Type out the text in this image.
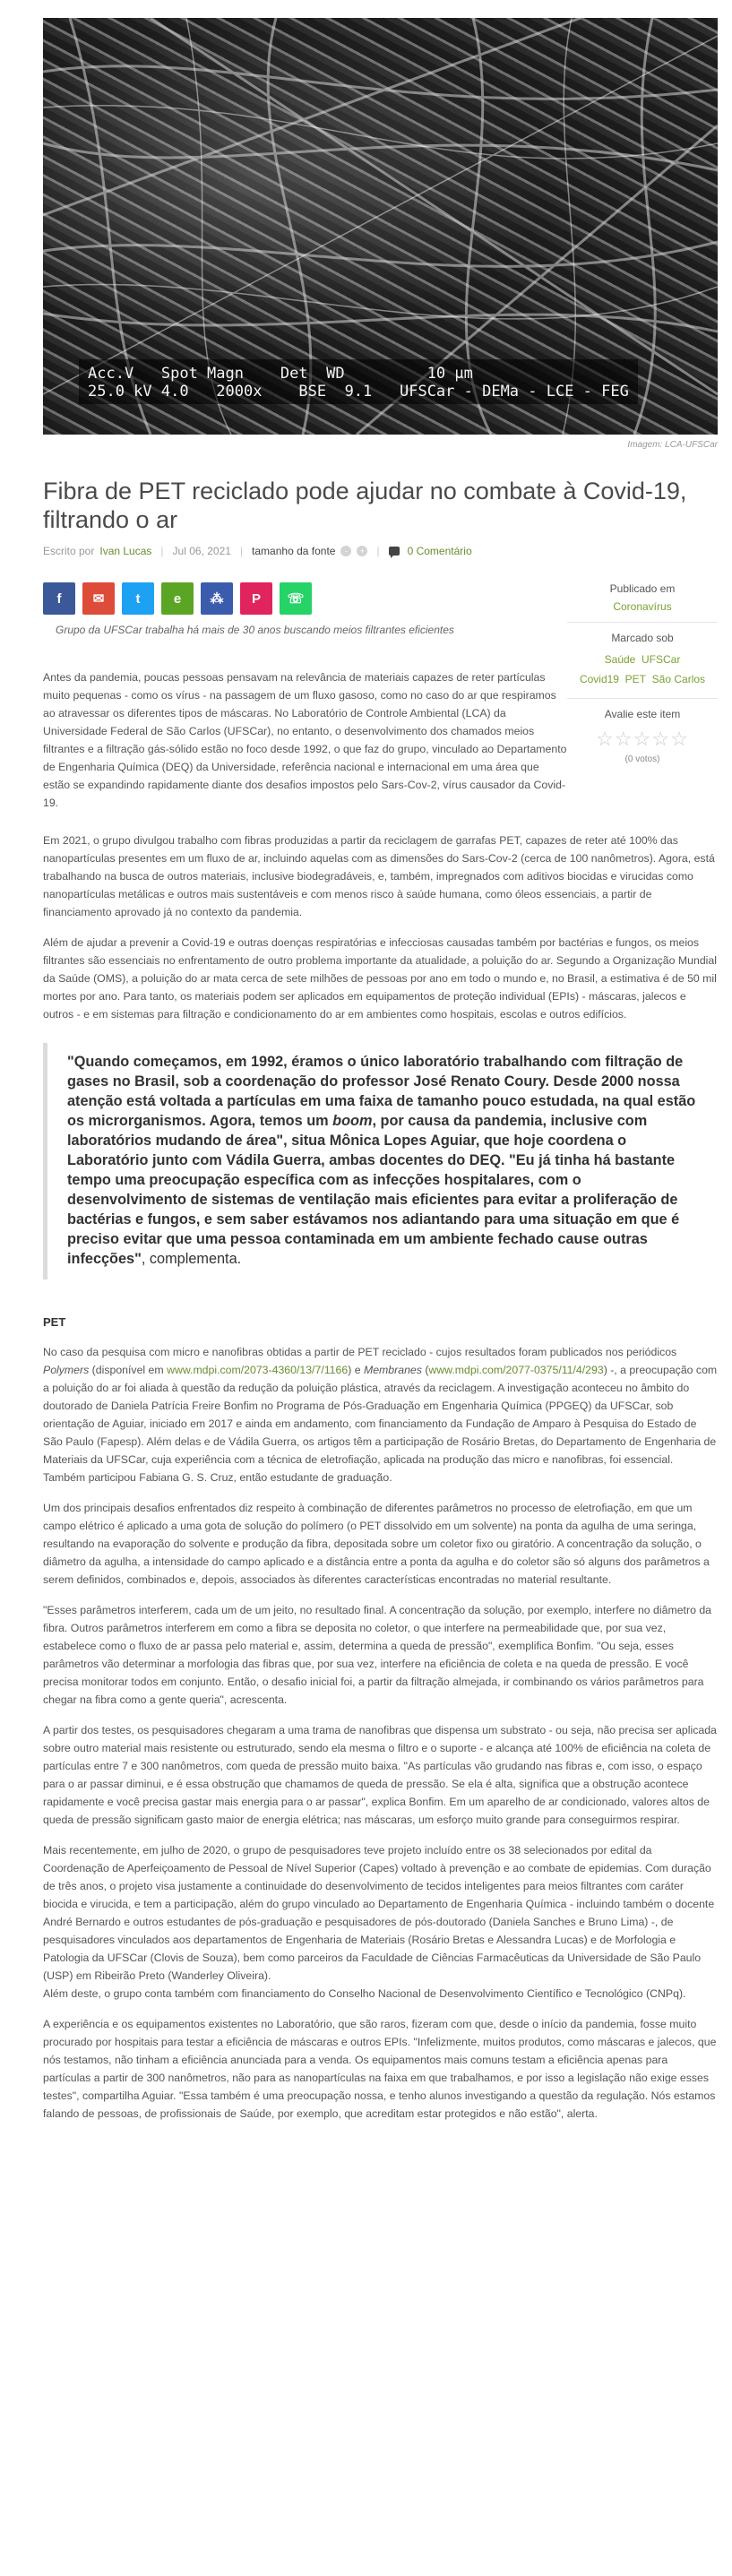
Acc.V   Spot Magn    Det  WD         10 μm
25.0 kV 4.0   2000x    BSE  9.1   UFSCar - DEMa - LCE - FEG
Imagem: LCA-UFSCar
Fibra de PET reciclado pode ajudar no combate à Covid-19, filtrando o ar
Escrito por Ivan Lucas | Jul 06, 2021 | tamanho da fonte	-	+ |	0 Comentário
f	✉	t	e	⁂	P	☏
Grupo da UFSCar trabalha há mais de 30 anos buscando meios filtrantes eficientes

Antes da pandemia, poucas pessoas pensavam na relevância de materiais capazes de reter partículas muito pequenas - como os vírus - na passagem de um fluxo gasoso, como no caso do ar que respiramos ao atravessar os diferentes tipos de máscaras. No Laboratório de Controle Ambiental (LCA) da Universidade Federal de São Carlos (UFSCar), no entanto, o desenvolvimento dos chamados meios filtrantes e a filtração gás-sólido estão no foco desde 1992, o que faz do grupo, vinculado ao Departamento de Engenharia Química (DEQ) da Universidade, referência nacional e internacional em uma área que estão se expandindo rapidamente diante dos desafios impostos pelo Sars-Cov-2, vírus causador da Covid-19.

Publicado em
Coronavírus
Marcado sob
Saúde UFSCar
Covid19 PET São Carlos
Avalie este item
☆☆☆☆☆
(0 votos)

Em 2021, o grupo divulgou trabalho com fibras produzidas a partir da reciclagem de garrafas PET, capazes de reter até 100% das nanopartículas presentes em um fluxo de ar, incluindo aquelas com as dimensões do Sars-Cov-2 (cerca de 100 nanômetros). Agora, está trabalhando na busca de outros materiais, inclusive biodegradáveis, e, também, impregnados com aditivos biocidas e virucidas como nanopartículas metálicas e outros mais sustentáveis e com menos risco à saúde humana, como óleos essenciais, a partir de financiamento aprovado já no contexto da pandemia.

Além de ajudar a prevenir a Covid-19 e outras doenças respiratórias e infecciosas causadas também por bactérias e fungos, os meios filtrantes são essenciais no enfrentamento de outro problema importante da atualidade, a poluição do ar. Segundo a Organização Mundial da Saúde (OMS), a poluição do ar mata cerca de sete milhões de pessoas por ano em todo o mundo e, no Brasil, a estimativa é de 50 mil mortes por ano. Para tanto, os materiais podem ser aplicados em equipamentos de proteção individual (EPIs) - máscaras, jalecos e outros - e em sistemas para filtração e condicionamento do ar em ambientes como hospitais, escolas e outros edifícios.

"Quando começamos, em 1992, éramos o único laboratório trabalhando com filtração de gases no Brasil, sob a coordenação do professor José Renato Coury. Desde 2000 nossa atenção está voltada a partículas em uma faixa de tamanho pouco estudada, na qual estão os microrganismos. Agora, temos um boom, por causa da pandemia, inclusive com laboratórios mudando de área", situa Mônica Lopes Aguiar, que hoje coordena o Laboratório junto com Vádila Guerra, ambas docentes do DEQ. "Eu já tinha há bastante tempo uma preocupação específica com as infecções hospitalares, com o desenvolvimento de sistemas de ventilação mais eficientes para evitar a proliferação de bactérias e fungos, e sem saber estávamos nos adiantando para uma situação em que é preciso evitar que uma pessoa contaminada em um ambiente fechado cause outras infecções", complementa.
PET

No caso da pesquisa com micro e nanofibras obtidas a partir de PET reciclado - cujos resultados foram publicados nos periódicos Polymers (disponível em www.mdpi.com/2073-4360/13/7/1166) e Membranes (www.mdpi.com/2077-0375/11/4/293) -, a preocupação com a poluição do ar foi aliada à questão da redução da poluição plástica, através da reciclagem. A investigação aconteceu no âmbito do doutorado de Daniela Patrícia Freire Bonfim no Programa de Pós-Graduação em Engenharia Química (PPGEQ) da UFSCar, sob orientação de Aguiar, iniciado em 2017 e ainda em andamento, com financiamento da Fundação de Amparo à Pesquisa do Estado de São Paulo (Fapesp). Além delas e de Vádila Guerra, os artigos têm a participação de Rosário Bretas, do Departamento de Engenharia de Materiais da UFSCar, cuja experiência com a técnica de eletrofiação, aplicada na produção das micro e nanofibras, foi essencial. Também participou Fabiana G. S. Cruz, então estudante de graduação.

Um dos principais desafios enfrentados diz respeito à combinação de diferentes parâmetros no processo de eletrofiação, em que um campo elétrico é aplicado a uma gota de solução do polímero (o PET dissolvido em um solvente) na ponta da agulha de uma seringa, resultando na evaporação do solvente e produção da fibra, depositada sobre um coletor fixo ou giratório. A concentração da solução, o diâmetro da agulha, a intensidade do campo aplicado e a distância entre a ponta da agulha e do coletor são só alguns dos parâmetros a serem definidos, combinados e, depois, associados às diferentes características encontradas no material resultante.

"Esses parâmetros interferem, cada um de um jeito, no resultado final. A concentração da solução, por exemplo, interfere no diâmetro da fibra. Outros parâmetros interferem em como a fibra se deposita no coletor, o que interfere na permeabilidade que, por sua vez, estabelece como o fluxo de ar passa pelo material e, assim, determina a queda de pressão", exemplifica Bonfim. "Ou seja, esses parâmetros vão determinar a morfologia das fibras que, por sua vez, interfere na eficiência de coleta e na queda de pressão. E você precisa monitorar todos em conjunto. Então, o desafio inicial foi, a partir da filtração almejada, ir combinando os vários parâmetros para chegar na fibra como a gente queria", acrescenta.

A partir dos testes, os pesquisadores chegaram a uma trama de nanofibras que dispensa um substrato - ou seja, não precisa ser aplicada sobre outro material mais resistente ou estruturado, sendo ela mesma o filtro e o suporte - e alcança até 100% de eficiência na coleta de partículas entre 7 e 300 nanômetros, com queda de pressão muito baixa. "As partículas vão grudando nas fibras e, com isso, o espaço para o ar passar diminui, e é essa obstrução que chamamos de queda de pressão. Se ela é alta, significa que a obstrução acontece rapidamente e você precisa gastar mais energia para o ar passar", explica Bonfim. Em um aparelho de ar condicionado, valores altos de queda de pressão significam gasto maior de energia elétrica; nas máscaras, um esforço muito grande para conseguirmos respirar.

Mais recentemente, em julho de 2020, o grupo de pesquisadores teve projeto incluído entre os 38 selecionados por edital da Coordenação de Aperfeiçoamento de Pessoal de Nível Superior (Capes) voltado à prevenção e ao combate de epidemias. Com duração de três anos, o projeto visa justamente a continuidade do desenvolvimento de tecidos inteligentes para meios filtrantes com caráter biocida e virucida, e tem a participação, além do grupo vinculado ao Departamento de Engenharia Química - incluindo também o docente André Bernardo e outros estudantes de pós-graduação e pesquisadores de pós-doutorado (Daniela Sanches e Bruno Lima) -, de pesquisadores vinculados aos departamentos de Engenharia de Materiais (Rosário Bretas e Alessandra Lucas) e de Morfologia e Patologia da UFSCar (Clovis de Souza), bem como parceiros da Faculdade de Ciências Farmacêuticas da Universidade de São Paulo (USP) em Ribeirão Preto (Wanderley Oliveira).

Além deste, o grupo conta também com financiamento do Conselho Nacional de Desenvolvimento Científico e Tecnológico (CNPq).

A experiência e os equipamentos existentes no Laboratório, que são raros, fizeram com que, desde o início da pandemia, fosse muito procurado por hospitais para testar a eficiência de máscaras e outros EPIs. "Infelizmente, muitos produtos, como máscaras e jalecos, que nós testamos, não tinham a eficiência anunciada para a venda. Os equipamentos mais comuns testam a eficiência apenas para partículas a partir de 300 nanômetros, não para as nanopartículas na faixa em que trabalhamos, e por isso a legislação não exige esses testes", compartilha Aguiar. "Essa também é uma preocupação nossa, e tenho alunos investigando a questão da regulação. Nós estamos falando de pessoas, de profissionais de Saúde, por exemplo, que acreditam estar protegidos e não estão", alerta.
